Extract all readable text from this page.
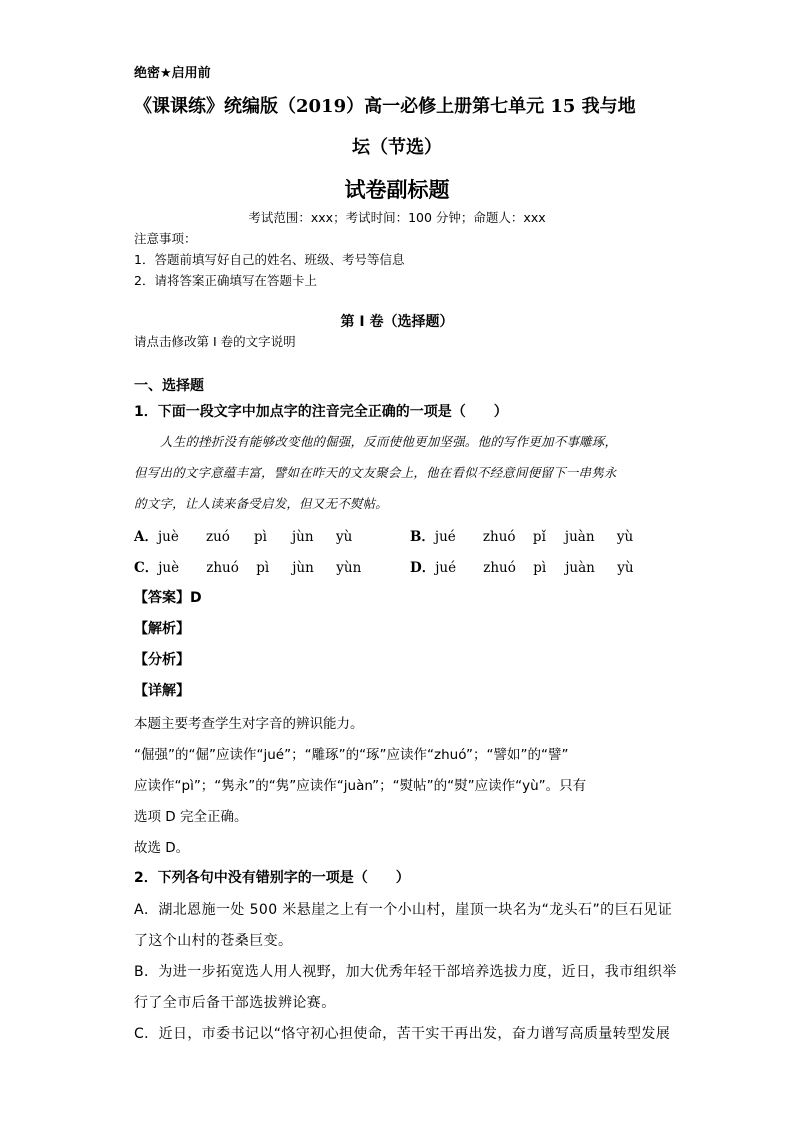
绝密★启用前
《课课练》统编版（2019）高一必修上册第七单元 15 我与地
坛（节选）
试卷副标题
考试范围：xxx；考试时间：100 分钟；命题人：xxx
注意事项：
1．答题前填写好自己的姓名、班级、考号等信息
2．请将答案正确填写在答题卡上
第 I 卷（选择题）
请点击修改第 I 卷的文字说明
一、选择题
1．下面一段文字中加点字的注音完全正确的一项是（　　）
人生的挫折没有能够改变他的倔强，反而使他更加坚强。他的写作更加不事雕琢，
但写出的文字意蕴丰富，譬如在昨天的文友聚会上，他在看似不经意间便留下一串隽永
的文字，让人读来备受启发，但又无不熨帖。
A．juè zuó pì jùn yù	B．jué zhuó pǐ juàn yù
C．juè zhuó pì jùn yùn	D．jué zhuó pì juàn yù
【答案】D
【解析】
【分析】
【详解】
本题主要考查学生对字音的辨识能力。
“倔强”的“倔”应读作“jué”；“雕琢”的“琢”应读作“zhuó”；“譬如”的“譬”
应读作“pì”；“隽永”的“隽”应读作“juàn”；“熨帖”的“熨”应读作“yù”。只有
选项 D 完全正确。
故选 D。
2．下列各句中没有错别字的一项是（　　）
A．湖北恩施一处 500 米悬崖之上有一个小山村，崖顶一块名为“龙头石”的巨石见证
了这个山村的苍桑巨变。
B．为进一步拓宽选人用人视野，加大优秀年轻干部培养选拔力度，近日，我市组织举
行了全市后备干部选拔辨论赛。
C．近日，市委书记以“恪守初心担使命，苦干实干再出发，奋力谱写高质量转型发展
